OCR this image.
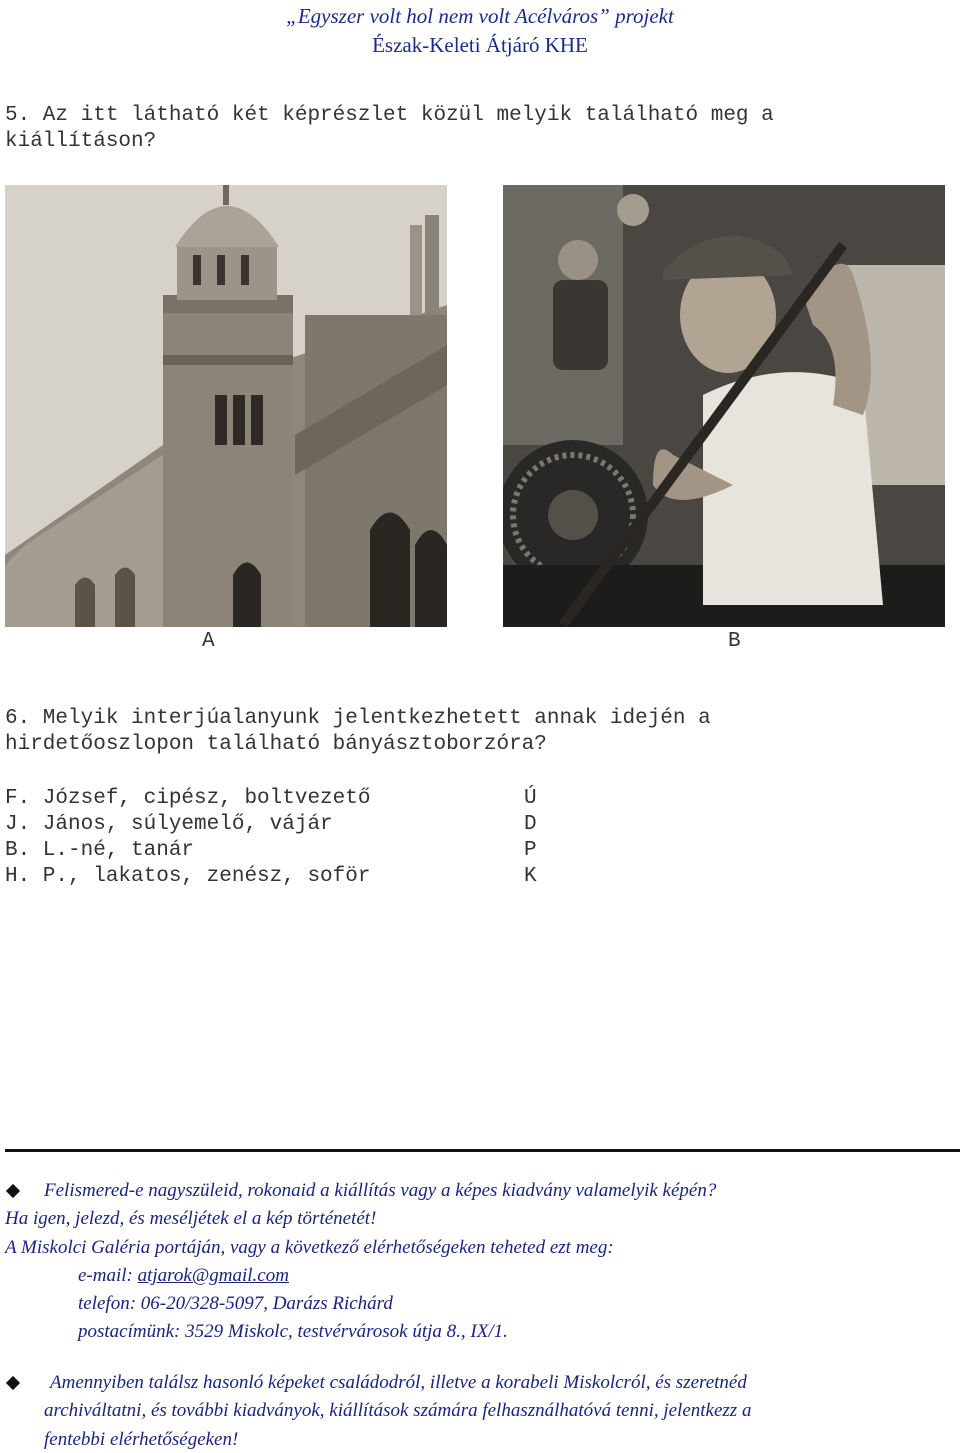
„Egyszer volt hol nem volt Acélváros” projekt
Észak-Keleti Átjáró KHE
5. Az itt látható két képrészlet közül melyik található meg a
kiállításon?
A	B
6. Melyik interjúalanyunk jelentkezhetett annak idején a
hirdetőoszlopon található bányásztoborzóra?
F. József, cipész, boltvezető	Ú
J. János, súlyemelő, vájár	D
B. L.-né, tanár	P
H. P., lakatos, zenész, soför	K
Felismered-e nagyszüleid, rokonaid a kiállítás vagy a képes kiadvány valamelyik képén?
Ha igen, jelezd, és meséljétek el a kép történetét!
A Miskolci Galéria portáján, vagy a következő elérhetőségeken teheted ezt meg:
e-mail: atjarok@gmail.com
telefon: 06-20/328-5097, Darázs Richárd
postacímünk: 3529 Miskolc, testvérvárosok útja 8., IX/1.
Amennyiben találsz hasonló képeket családodról, illetve a korabeli Miskolcról, és szeretnéd
archiváltatni, és további kiadványok, kiállítások számára felhasználhatóvá tenni, jelentkezz a
fentebbi elérhetőségeken!
